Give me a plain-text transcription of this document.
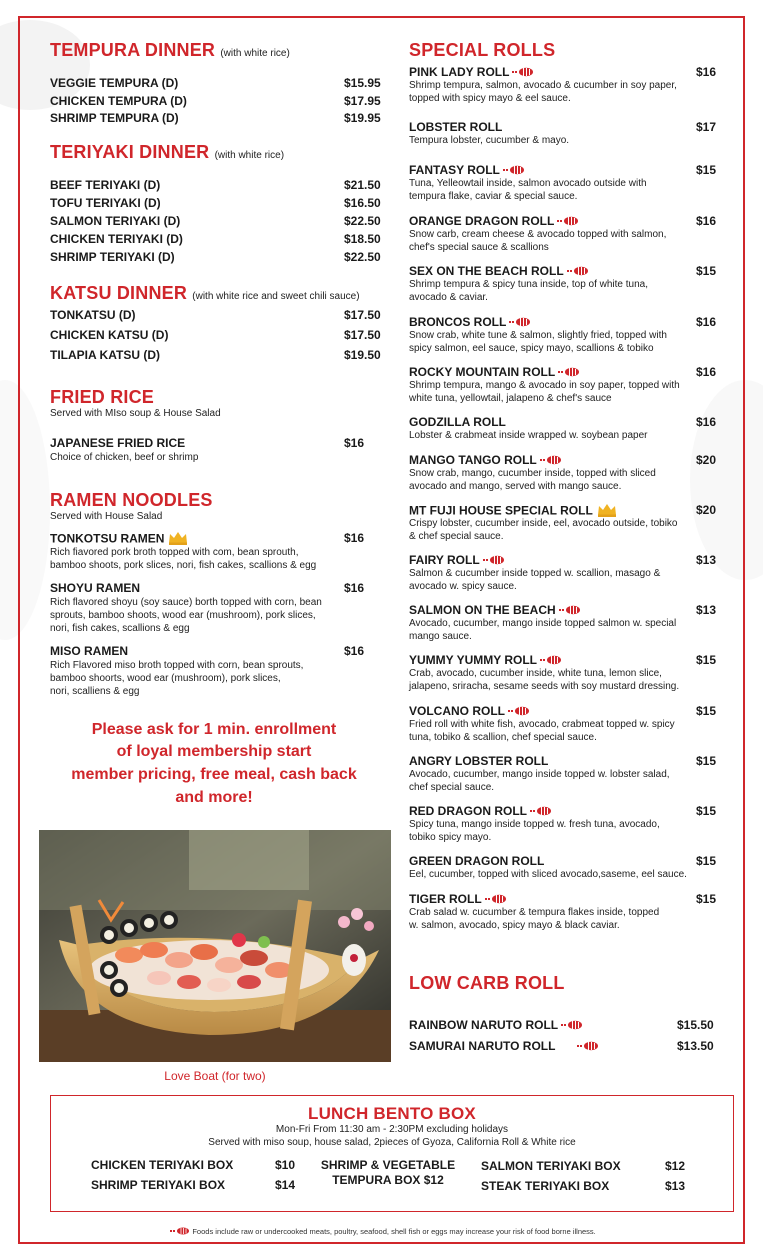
TEMPURA DINNER (with white rice)
VEGGIE TEMPURA (D)	$15.95
CHICKEN TEMPURA (D)	$17.95
SHRIMP TEMPURA (D)	$19.95
TERIYAKI DINNER (with white rice)
BEEF TERIYAKI (D)	$21.50
TOFU TERIYAKI (D)	$16.50
SALMON TERIYAKI (D)	$22.50
CHICKEN TERIYAKI (D)	$18.50
SHRIMP TERIYAKI (D)	$22.50
KATSU DINNER (with white rice and sweet chili sauce)
TONKATSU (D)	$17.50
CHICKEN KATSU (D)	$17.50
TILAPIA KATSU (D)	$19.50
FRIED RICE
Served with MIso soup & House Salad
JAPANESE FRIED RICE	$16
Choice of chicken, beef or shrimp
RAMEN NOODLES
Served with House Salad
TONKOTSU RAMEN	$16
Rich fiavored pork broth topped with com, bean sprouth,
bamboo shoots, pork slices, nori, fish cakes, scallions & egg
SHOYU RAMEN	$16
Rich flavored shoyu (soy sauce) borth topped with corn, bean
sprouts, bamboo shoots, wood ear (mushroom), pork slices,
nori, fish cakes, scallions & egg
MISO RAMEN	$16
Rich Flavored miso broth topped with corn, bean sprouts,
bamboo shoorts, wood ear (mushroom), pork slices,
nori, scalliens & egg
Please ask for 1 min. enrollment
of loyal membership start
member pricing, free meal, cash back
and more!
Love Boat (for two)
SPECIAL ROLLS
PINK LADY ROLL	$16
Shrimp tempura, salmon, avocado & cucumber in soy paper,
topped with spicy mayo & eel sauce.
LOBSTER ROLL	$17
Tempura lobster, cucumber & mayo.
FANTASY ROLL	$15
Tuna, Yelleowtail inside, salmon avocado outside with
tempura flake, caviar & special sauce.
ORANGE DRAGON ROLL	$16
Snow carb, cream cheese & avocado topped with salmon,
chef's special sauce & scallions
SEX ON THE BEACH ROLL	$15
Shrimp tempura & spicy tuna inside, top of white tuna,
avocado & caviar.
BRONCOS ROLL	$16
Snow crab, white tune & salmon, slightly fried, topped with
spicy salmon, eel sauce, spicy mayo, scallions & tobiko
ROCKY MOUNTAIN ROLL	$16
Shrimp tempura, mango & avocado in soy paper, topped with
white tuna, yellowtail, jalapeno & chef's sauce
GODZILLA ROLL	$16
Lobster & crabmeat inside wrapped w. soybean paper
MANGO TANGO ROLL	$20
Snow crab, mango, cucumber inside, topped with sliced
avocado and mango, served with mango sauce.
MT FUJI HOUSE SPECIAL ROLL	$20
Crispy lobster, cucumber inside, eel, avocado outside, tobiko
& chef special sauce.
FAIRY ROLL	$13
Salmon & cucumber inside topped w. scallion, masago &
avocado w. spicy sauce.
SALMON ON THE BEACH	$13
Avocado, cucumber, mango inside topped salmon w. special
mango sauce.
YUMMY YUMMY ROLL	$15
Crab, avocado, cucumber inside, white tuna, lemon slice,
jalapeno, sriracha, sesame seeds with soy mustard dressing.
VOLCANO ROLL	$15
Fried roll with white fish, avocado, crabmeat topped w. spicy
tuna, tobiko & scallion, chef special sauce.
ANGRY LOBSTER ROLL	$15
Avocado, cucumber, mango inside topped w. lobster salad,
chef special sauce.
RED DRAGON ROLL	$15
Spicy tuna, mango inside topped w. fresh tuna, avocado,
tobiko spicy mayo.
GREEN DRAGON ROLL	$15
Eel, cucumber, topped with sliced avocado,saseme, eel sauce.
TIGER ROLL	$15
Crab salad w. cucumber & tempura flakes inside, topped
w. salmon, avocado, spicy mayo & black caviar.
LOW CARB ROLL
RAINBOW NARUTO ROLL	$15.50
SAMURAI NARUTO ROLL	$13.50
LUNCH BENTO BOX
Mon-Fri From 11:30 am - 2:30PM excluding holidays
Served with miso soup, house salad, 2pieces of Gyoza, California Roll & White rice
CHICKEN TERIYAKI BOX	$10
SHRIMP TERIYAKI BOX	$14
SHRIMP & VEGETABLE
TEMPURA BOX $12
SALMON TERIYAKI BOX	$12
STEAK TERIYAKI BOX	$13
Foods include raw or undercooked meats, poultry, seafood, shell fish or eggs may increase your risk of food borne illness.
